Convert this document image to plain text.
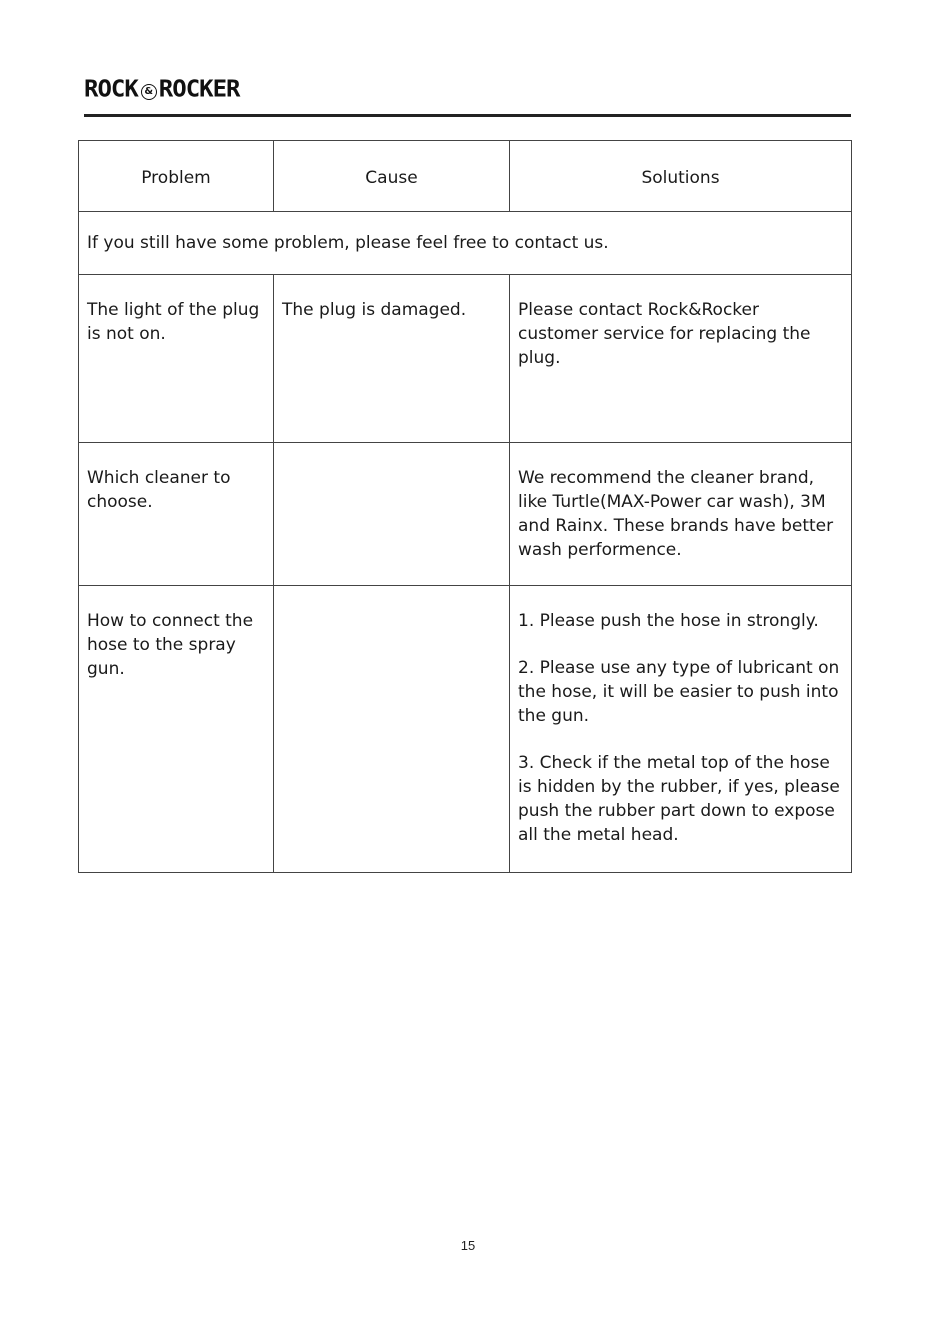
ROCK & ROCKER
Problem	Cause	Solutions
If you still have some problem, please feel free to contact us.		

The light of the plug is not on.	The plug is damaged.	Please contact Rock&Rocker customer service for replacing the plug.

Which cleaner to choose.		We recommend the cleaner brand, like Turtle(MAX-Power car wash), 3M and Rainx. These brands have better wash performence.

How to connect the hose to the spray gun.		1. Please push the hose in strongly.
2. Please use any type of lubricant on the hose, it will be easier to push into the gun.
3. Check if the metal top of the hose is hidden by the rubber, if yes, please push the rubber part down to expose all the metal head.
15
